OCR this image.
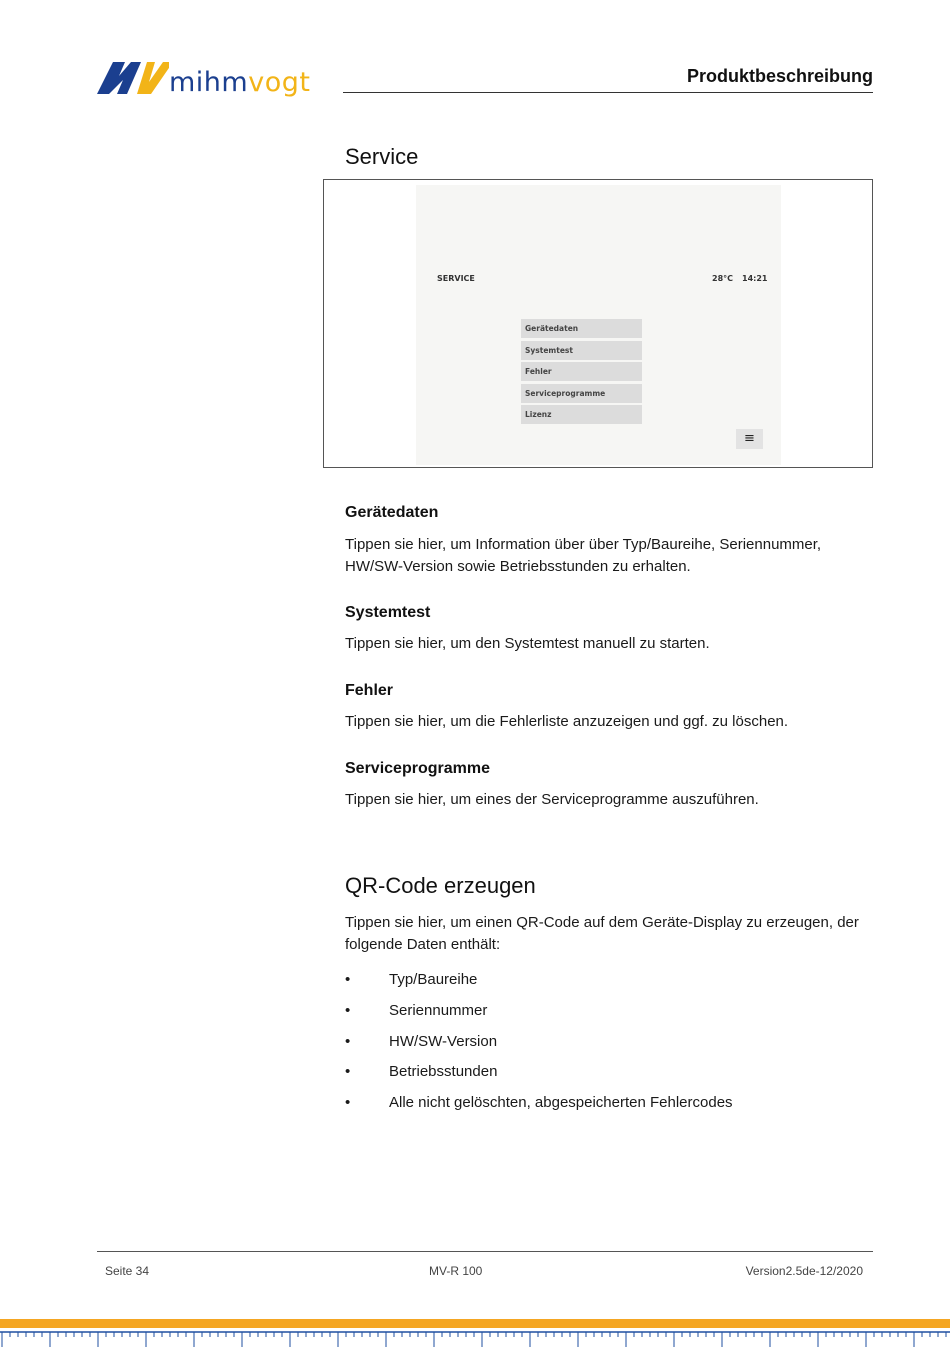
mihmvogt	Produktbeschreibung
Service
SERVICE	28°C 14:21
Gerätedaten
Systemtest
Fehler
Serviceprogramme
Lizenz
≡
Gerätedaten
Tippen sie hier, um Information über über Typ/Baureihe, Seriennummer, HW/SW-Version sowie Betriebsstunden zu erhalten.
Systemtest
Tippen sie hier, um den Systemtest manuell zu starten.
Fehler
Tippen sie hier, um die Fehlerliste anzuzeigen und ggf. zu löschen.
Serviceprogramme
Tippen sie hier, um eines der Serviceprogramme auszuführen.
QR-Code erzeugen
Tippen sie hier, um einen QR-Code auf dem Geräte-Display zu erzeugen, der folgende Daten enthält:
•	Typ/Baureihe
•	Seriennummer
•	HW/SW-Version
•	Betriebsstunden
•	Alle nicht gelöschten, abgespeicherten Fehlercodes
Seite 34	MV-R 100	Version2.5de-12/2020
